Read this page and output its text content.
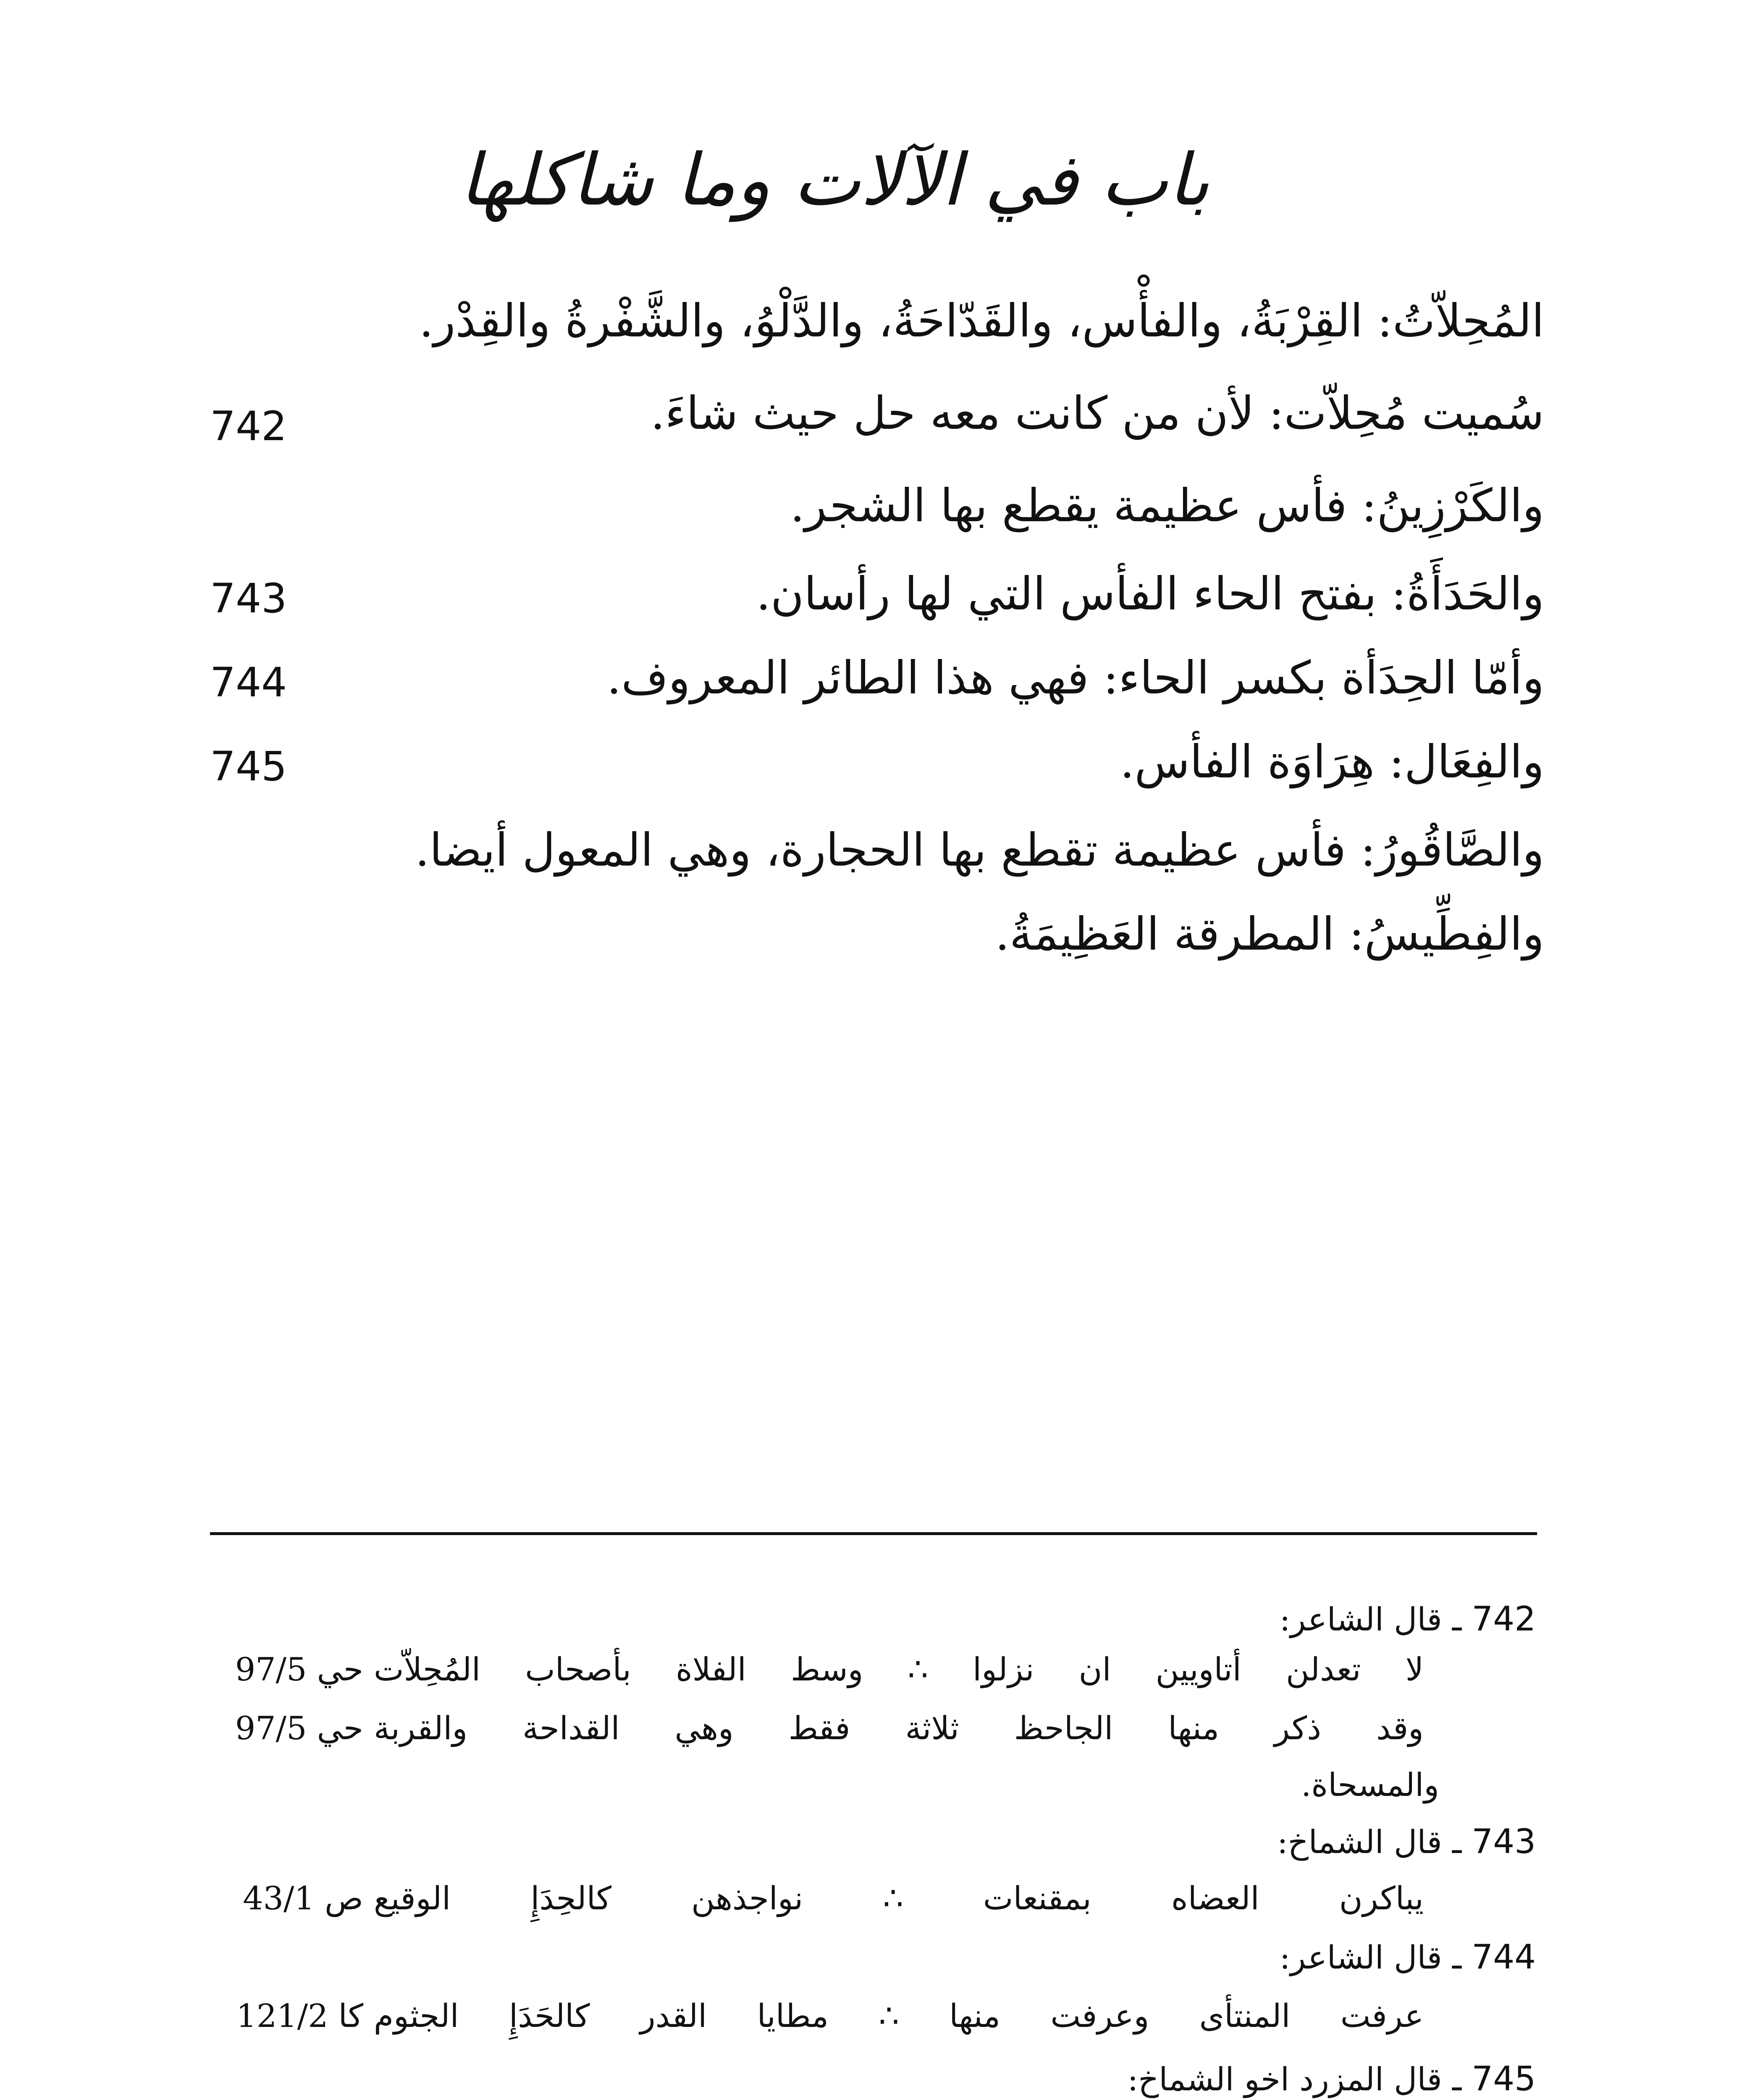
باب في الآلات وما شاكلها
المُحِلاّتُ: القِرْبَةُ، والفأْس، والقَدّاحَةُ، والدَّلْوُ، والشَّفْرةُ والقِدْر.
سُميت مُحِلاّت: لأن من كانت معه حل حيث شاءَ.
742
والكَرْزِينُ: فأس عظيمة يقطع بها الشجر.
والحَدَأَةُ: بفتح الحاء الفأس التي لها رأسان.
743
وأمّا الحِدَأة بكسر الحاء: فهي هذا الطائر المعروف.
744
والفِعَال: هِرَاوَة الفأس.
745
والصَّاقُورُ: فأس عظيمة تقطع بها الحجارة، وهي المعول أيضا.
والفِطِّيسُ: المطرقة العَظِيمَةُ.
742 ـ قال الشاعر:
لا تعدلن أتاويين ان نزلوا ∴ وسط الفلاة بأصحاب المُحِلاّت
حي 97/5
وقد ذكر منها الجاحظ ثلاثة فقط وهي القداحة والقربة
حي 97/5
والمسحاة.
743 ـ قال الشماخ:
يباكرن العضاه بمقنعات ∴ نواجذهن كالحِدَإِ الوقيع
ص 43/1
744 ـ قال الشاعر:
عرفت المنتأى وعرفت منها ∴ مطايا القدر كالحَدَإِ الجثوم
كا 121/2
745 ـ قال المزرد اخو الشماخ:
